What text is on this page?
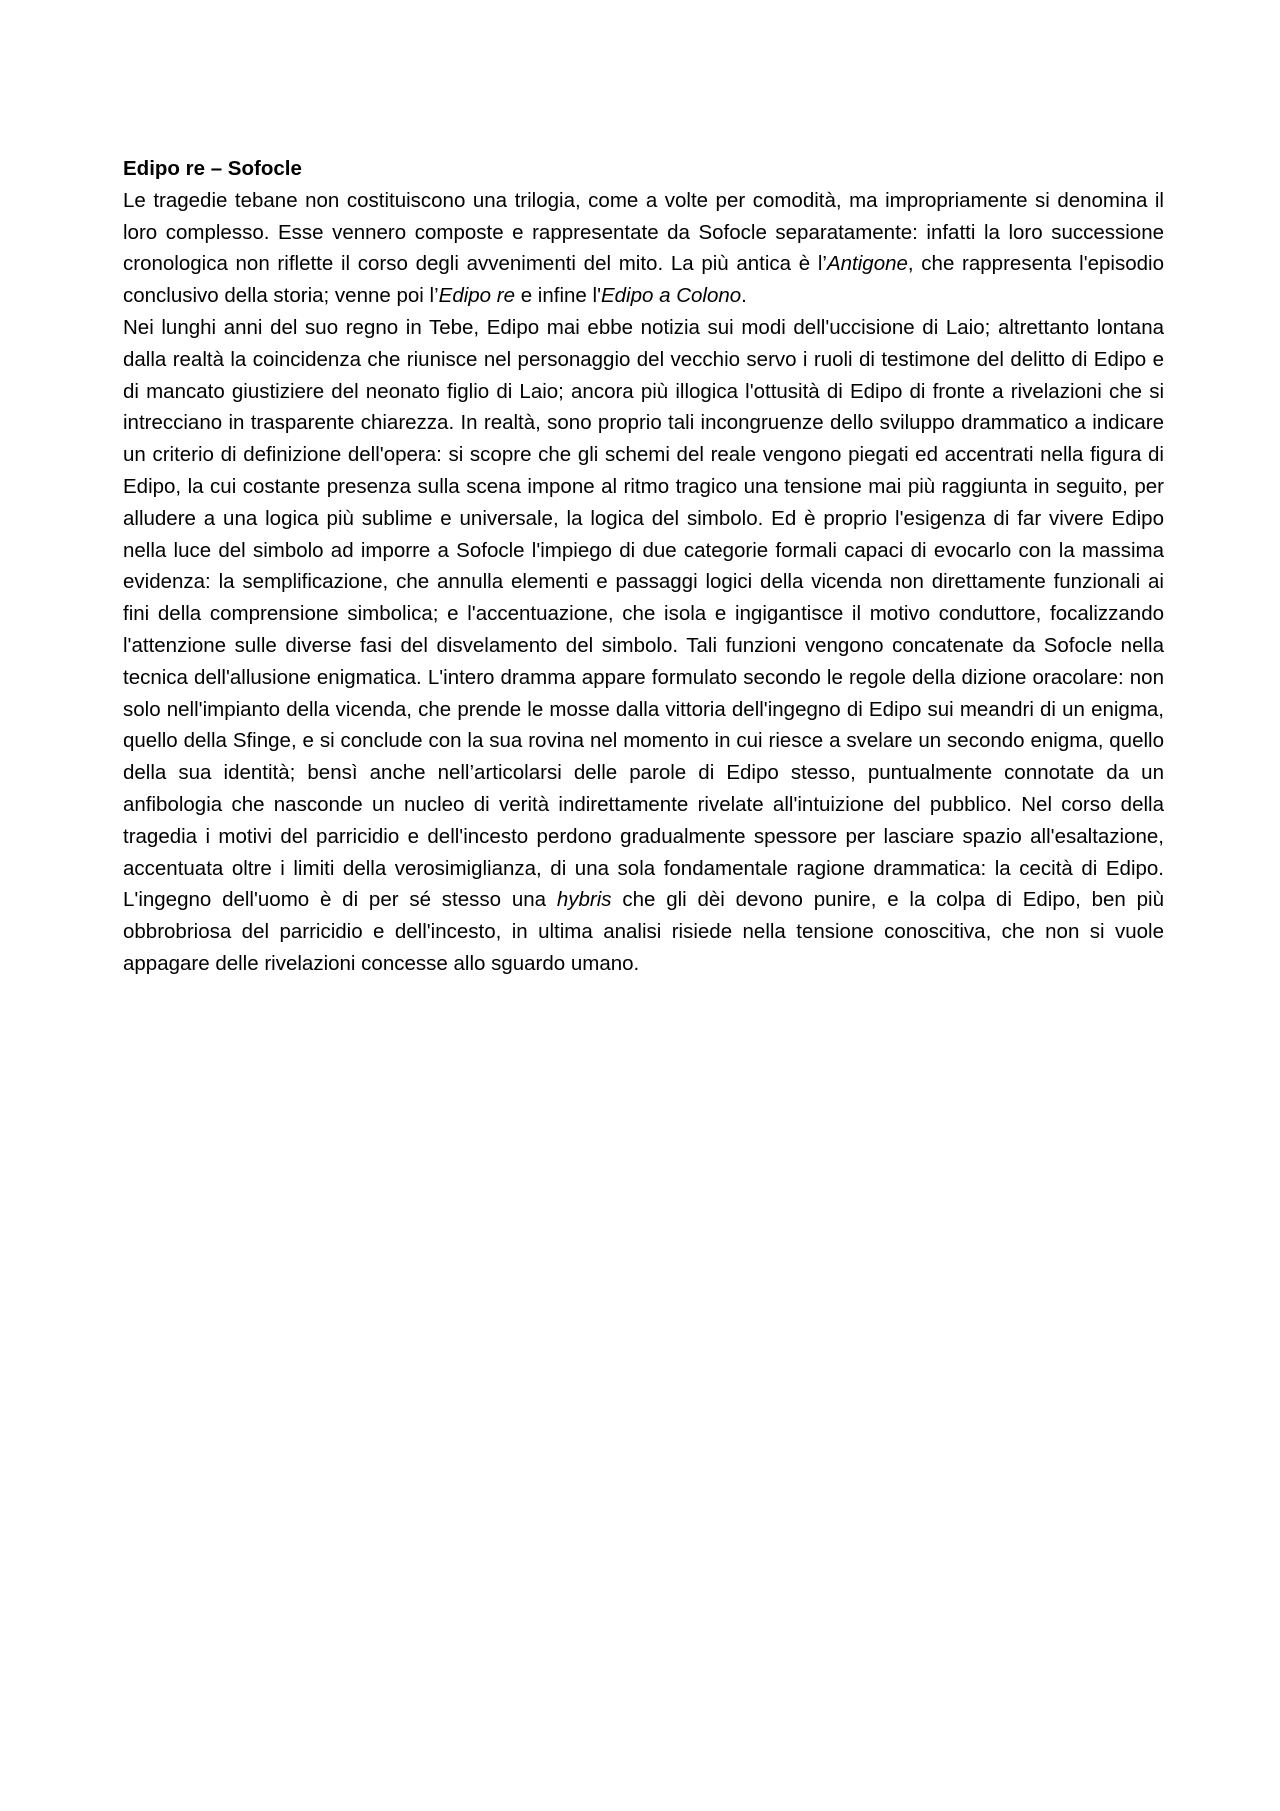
Edipo re – Sofocle

Le tragedie tebane non costituiscono una trilogia, come a volte per comodità, ma impropriamente si denomina il loro complesso. Esse vennero composte e rappresentate da Sofocle separatamente: infatti la loro successione cronologica non riflette il corso degli avvenimenti del mito. La più antica è l’Antigone, che rappresenta l'episodio conclusivo della storia; venne poi l’Edipo re e infine l'Edipo a Colono.

Nei lunghi anni del suo regno in Tebe, Edipo mai ebbe notizia sui modi dell'uccisione di Laio; altrettanto lontana dalla realtà la coincidenza che riunisce nel personaggio del vecchio servo i ruoli di testimone del delitto di Edipo e di mancato giustiziere del neonato figlio di Laio; ancora più illogica l'ottusità di Edipo di fronte a rivelazioni che si intrecciano in trasparente chiarezza. In realtà, sono proprio tali incongruenze dello sviluppo drammatico a indicare un criterio di definizione dell'opera: si scopre che gli schemi del reale vengono piegati ed accentrati nella figura di Edipo, la cui costante presenza sulla scena impone al ritmo tragico una tensione mai più raggiunta in seguito, per alludere a una logica più sublime e universale, la logica del simbolo. Ed è proprio l'esigenza di far vivere Edipo nella luce del simbolo ad imporre a Sofocle l'impiego di due categorie formali capaci di evocarlo con la massima evidenza: la semplificazione, che annulla elementi e passaggi logici della vicenda non direttamente funzionali ai fini della comprensione simbolica; e l'accentuazione, che isola e ingigantisce il motivo conduttore, focalizzando l'attenzione sulle diverse fasi del disvelamento del simbolo. Tali funzioni vengono concatenate da Sofocle nella tecnica dell'allusione enigmatica. L'intero dramma appare formulato secondo le regole della dizione oracolare: non solo nell'impianto della vicenda, che prende le mosse dalla vittoria dell'ingegno di Edipo sui meandri di un enigma, quello della Sfinge, e si conclude con la sua rovina nel momento in cui riesce a svelare un secondo enigma, quello della sua identità; bensì anche nell’articolarsi delle parole di Edipo stesso, puntualmente connotate da un anfibologia che nasconde un nucleo di verità indirettamente rivelate all'intuizione del pubblico. Nel corso della tragedia i motivi del parricidio e dell'incesto perdono gradualmente spessore per lasciare spazio all'esaltazione, accentuata oltre i limiti della verosimiglianza, di una sola fondamentale ragione drammatica: la cecità di Edipo. L'ingegno dell'uomo è di per sé stesso una hybris che gli dèi devono punire, e la colpa di Edipo, ben più obbrobriosa del parricidio e dell'incesto, in ultima analisi risiede nella tensione conoscitiva, che non si vuole appagare delle rivelazioni concesse allo sguardo umano.
